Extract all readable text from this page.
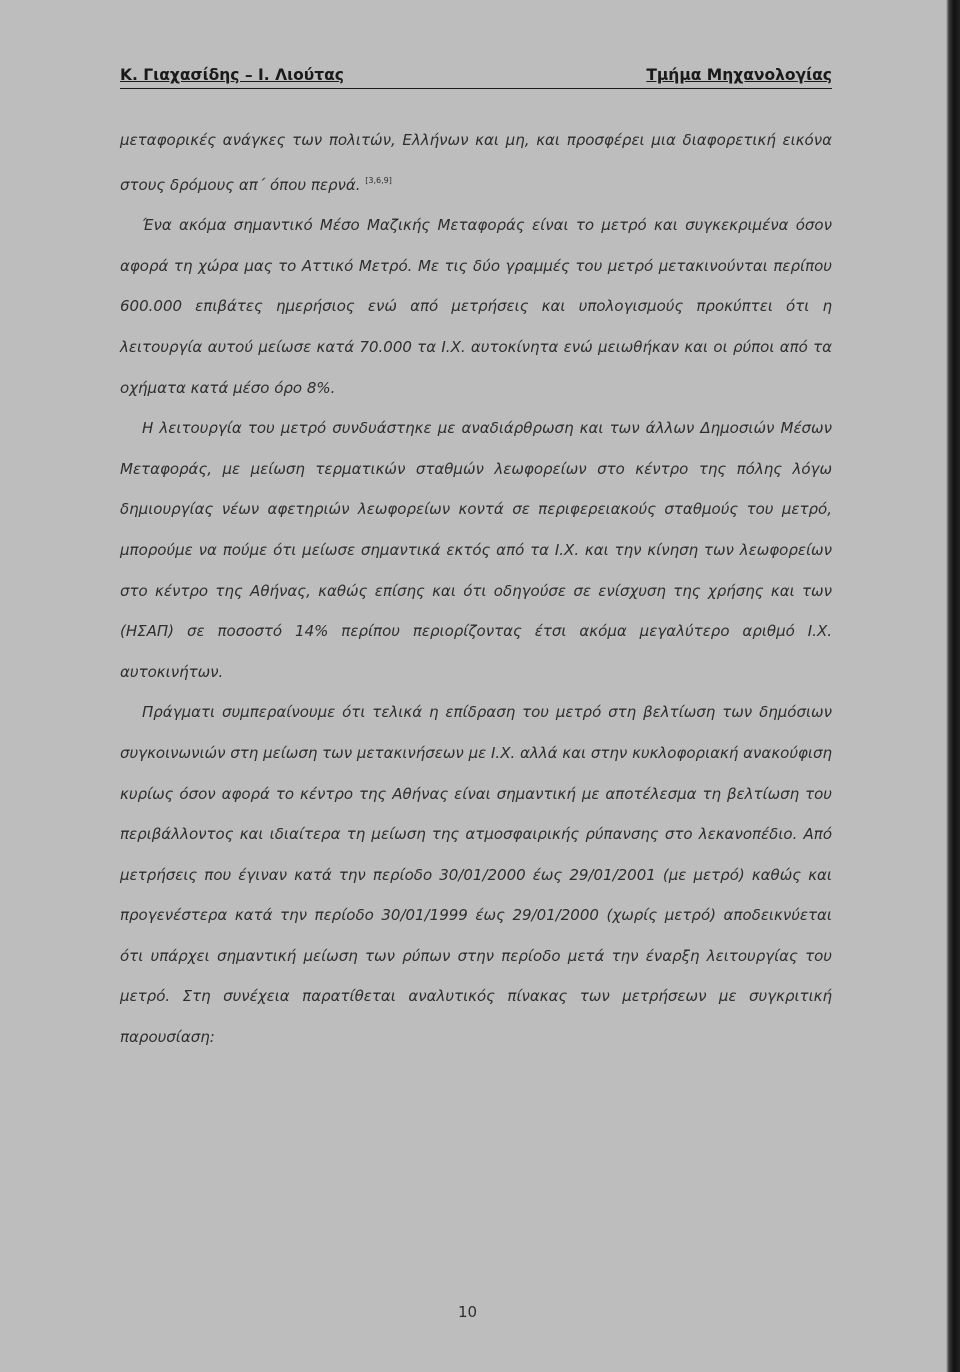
Κ. Γιαχασίδης – Ι. Λιούτας	Τμήμα Μηχανολογίας

μεταφορικές ανάγκες των πολιτών, Ελλήνων και μη, και προσφέρει μια διαφορετική εικόνα στους δρόμους απ΄ όπου περνά. [3,6,9]

Ένα ακόμα σημαντικό Μέσο Μαζικής Μεταφοράς είναι το μετρό και συγκεκριμένα όσον αφορά τη χώρα μας το Αττικό Μετρό. Με τις δύο γραμμές του μετρό μετακινούνται περίπου 600.000 επιβάτες ημερήσιος ενώ από μετρήσεις και υπολογισμούς προκύπτει ότι η λειτουργία αυτού μείωσε κατά 70.000 τα Ι.Χ. αυτοκίνητα ενώ μειωθήκαν και οι ρύποι από τα οχήματα κατά μέσο όρο 8%.

Η λειτουργία του μετρό συνδυάστηκε με αναδιάρθρωση και των άλλων Δημοσιών Μέσων Μεταφοράς, με μείωση τερματικών σταθμών λεωφορείων στο κέντρο της πόλης λόγω δημιουργίας νέων αφετηριών λεωφορείων κοντά σε περιφερειακούς σταθμούς του μετρό, μπορούμε να πούμε ότι μείωσε σημαντικά εκτός από τα Ι.Χ. και την κίνηση των λεωφορείων στο κέντρο της Αθήνας, καθώς επίσης και ότι οδηγούσε σε ενίσχυση της χρήσης και των (ΗΣΑΠ) σε ποσοστό 14% περίπου περιορίζοντας έτσι ακόμα μεγαλύτερο αριθμό Ι.Χ. αυτοκινήτων.

Πράγματι συμπεραίνουμε ότι τελικά η επίδραση του μετρό στη βελτίωση των δημόσιων συγκοινωνιών στη μείωση των μετακινήσεων με Ι.Χ. αλλά και στην κυκλοφοριακή ανακούφιση κυρίως όσον αφορά το κέντρο της Αθήνας είναι σημαντική με αποτέλεσμα τη βελτίωση του περιβάλλοντος και ιδιαίτερα τη μείωση της ατμοσφαιρικής ρύπανσης στο λεκανοπέδιο. Από μετρήσεις που έγιναν κατά την περίοδο 30/01/2000 έως 29/01/2001 (με μετρό) καθώς και προγενέστερα κατά την περίοδο 30/01/1999 έως 29/01/2000 (χωρίς μετρό) αποδεικνύεται ότι υπάρχει σημαντική μείωση των ρύπων στην περίοδο μετά την έναρξη λειτουργίας του μετρό. Στη συνέχεια παρατίθεται αναλυτικός πίνακας των μετρήσεων με συγκριτική παρουσίαση:

10
